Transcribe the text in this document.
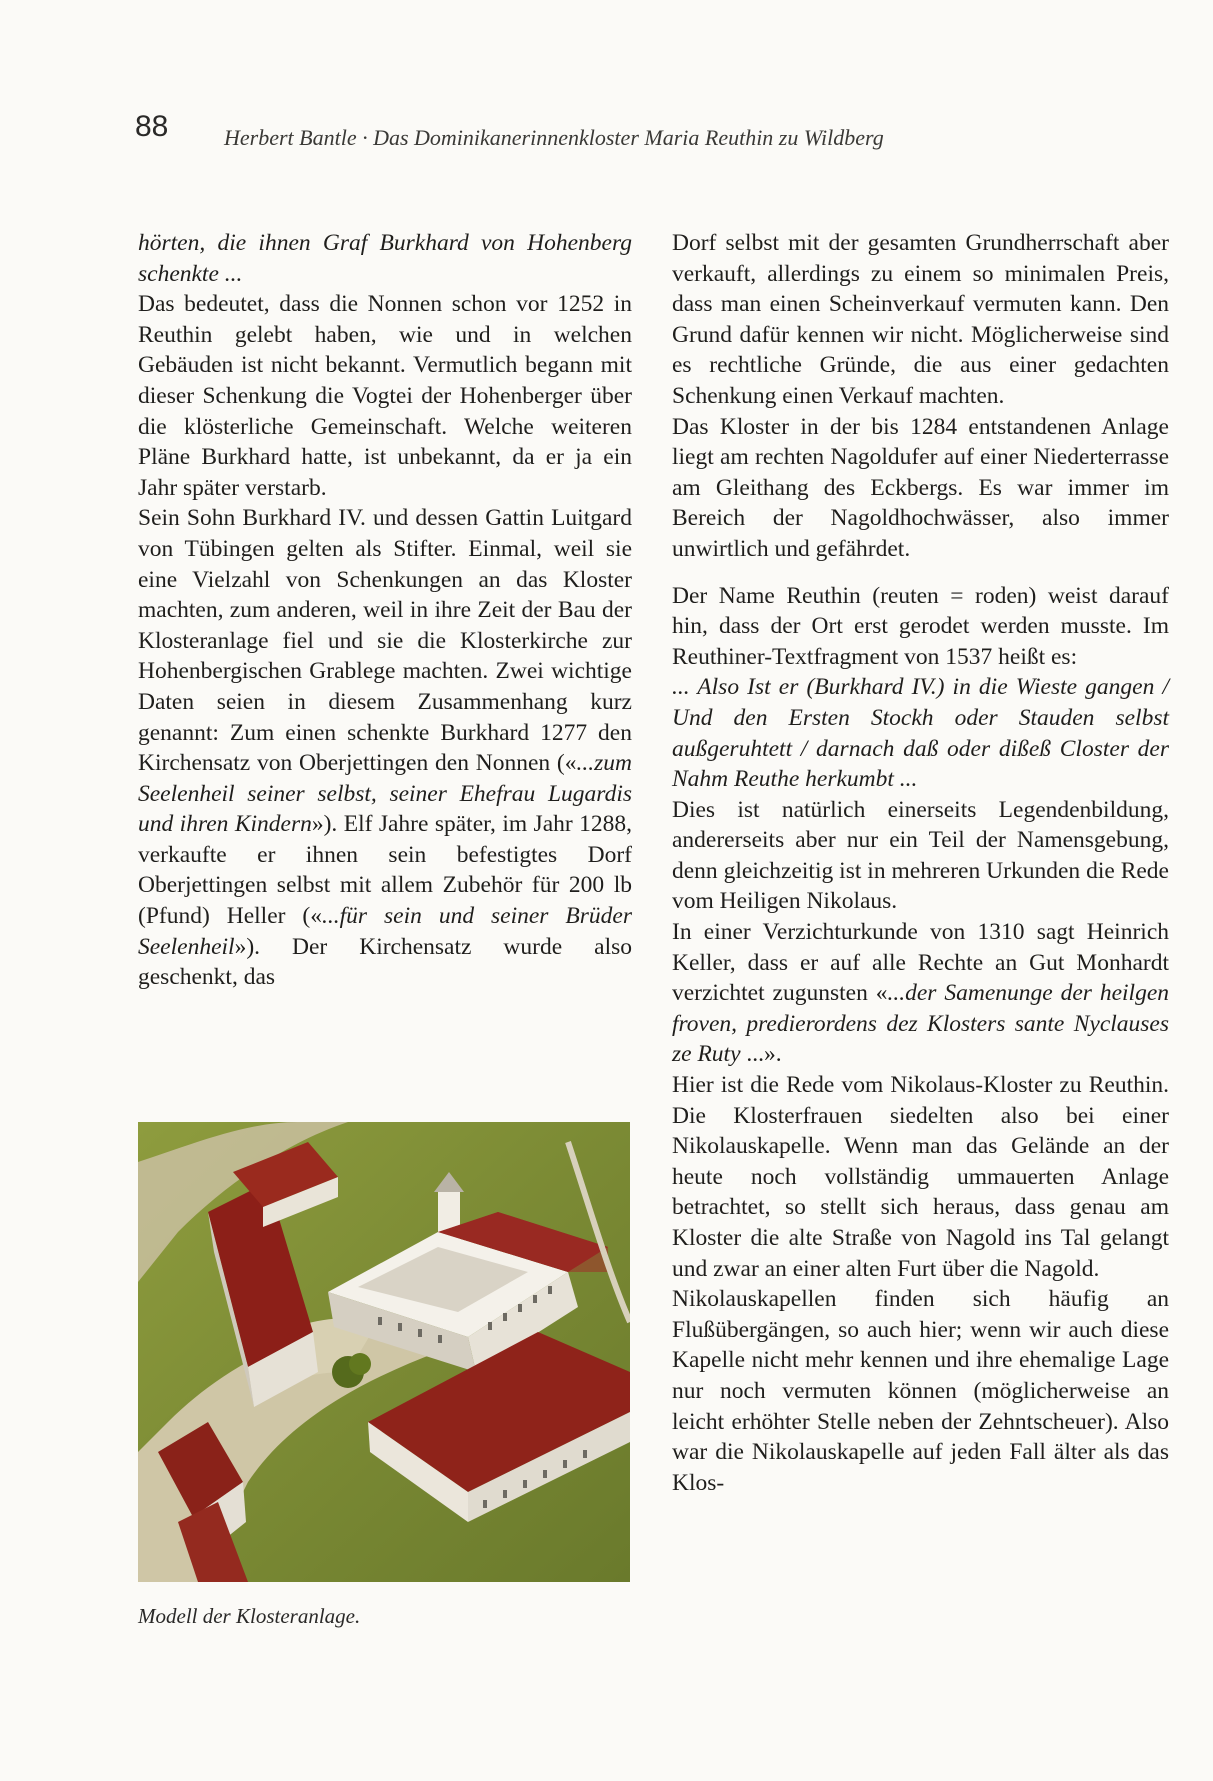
88	Herbert Bantle · Das Dominikanerinnenkloster Maria Reuthin zu Wildberg

hörten, die ihnen Graf Burkhard von Hohenberg schenkte ...

Das bedeutet, dass die Nonnen schon vor 1252 in Reuthin gelebt haben, wie und in welchen Gebäuden ist nicht bekannt. Vermutlich begann mit dieser Schenkung die Vogtei der Hohenberger über die klösterliche Gemeinschaft. Welche weiteren Pläne Burkhard hatte, ist unbekannt, da er ja ein Jahr später verstarb.

Sein Sohn Burkhard IV. und dessen Gattin Luitgard von Tübingen gelten als Stifter. Einmal, weil sie eine Vielzahl von Schenkungen an das Kloster machten, zum anderen, weil in ihre Zeit der Bau der Klosteranlage fiel und sie die Klosterkirche zur Hohenbergischen Grablege machten. Zwei wichtige Daten seien in diesem Zusammenhang kurz genannt: Zum einen schenkte Burkhard 1277 den Kirchensatz von Oberjettingen den Nonnen («...zum Seelenheil seiner selbst, seiner Ehefrau Lugardis und ihren Kindern»). Elf Jahre später, im Jahr 1288, verkaufte er ihnen sein befestigtes Dorf Oberjettingen selbst mit allem Zubehör für 200 lb (Pfund) Heller («...für sein und seiner Brüder Seelenheil»). Der Kirchensatz wurde also geschenkt, das

Modell der Klosteranlage.

Dorf selbst mit der gesamten Grundherrschaft aber verkauft, allerdings zu einem so minimalen Preis, dass man einen Scheinverkauf vermuten kann. Den Grund dafür kennen wir nicht. Möglicherweise sind es rechtliche Gründe, die aus einer gedachten Schenkung einen Verkauf machten.

Das Kloster in der bis 1284 entstandenen Anlage liegt am rechten Nagoldufer auf einer Niederterrasse am Gleithang des Eckbergs. Es war immer im Bereich der Nagoldhochwässer, also immer unwirtlich und gefährdet.

Der Name Reuthin (reuten = roden) weist darauf hin, dass der Ort erst gerodet werden musste. Im Reuthiner-Textfragment von 1537 heißt es:

... Also Ist er (Burkhard IV.) in die Wieste gangen / Und den Ersten Stockh oder Stauden selbst außgeruhtett / darnach daß oder dißeß Closter der Nahm Reuthe herkumbt ...

Dies ist natürlich einerseits Legendenbildung, andererseits aber nur ein Teil der Namensgebung, denn gleichzeitig ist in mehreren Urkunden die Rede vom Heiligen Nikolaus.

In einer Verzichturkunde von 1310 sagt Heinrich Keller, dass er auf alle Rechte an Gut Monhardt verzichtet zugunsten «...der Samenunge der heilgen froven, predierordens dez Klosters sante Nyclauses ze Ruty ...».

Hier ist die Rede vom Nikolaus-Kloster zu Reuthin. Die Klosterfrauen siedelten also bei einer Nikolauskapelle. Wenn man das Gelände an der heute noch vollständig ummauerten Anlage betrachtet, so stellt sich heraus, dass genau am Kloster die alte Straße von Nagold ins Tal gelangt und zwar an einer alten Furt über die Nagold.

Nikolauskapellen finden sich häufig an Flußübergängen, so auch hier; wenn wir auch diese Kapelle nicht mehr kennen und ihre ehemalige Lage nur noch vermuten können (möglicherweise an leicht erhöhter Stelle neben der Zehntscheuer). Also war die Nikolauskapelle auf jeden Fall älter als das Klos-
